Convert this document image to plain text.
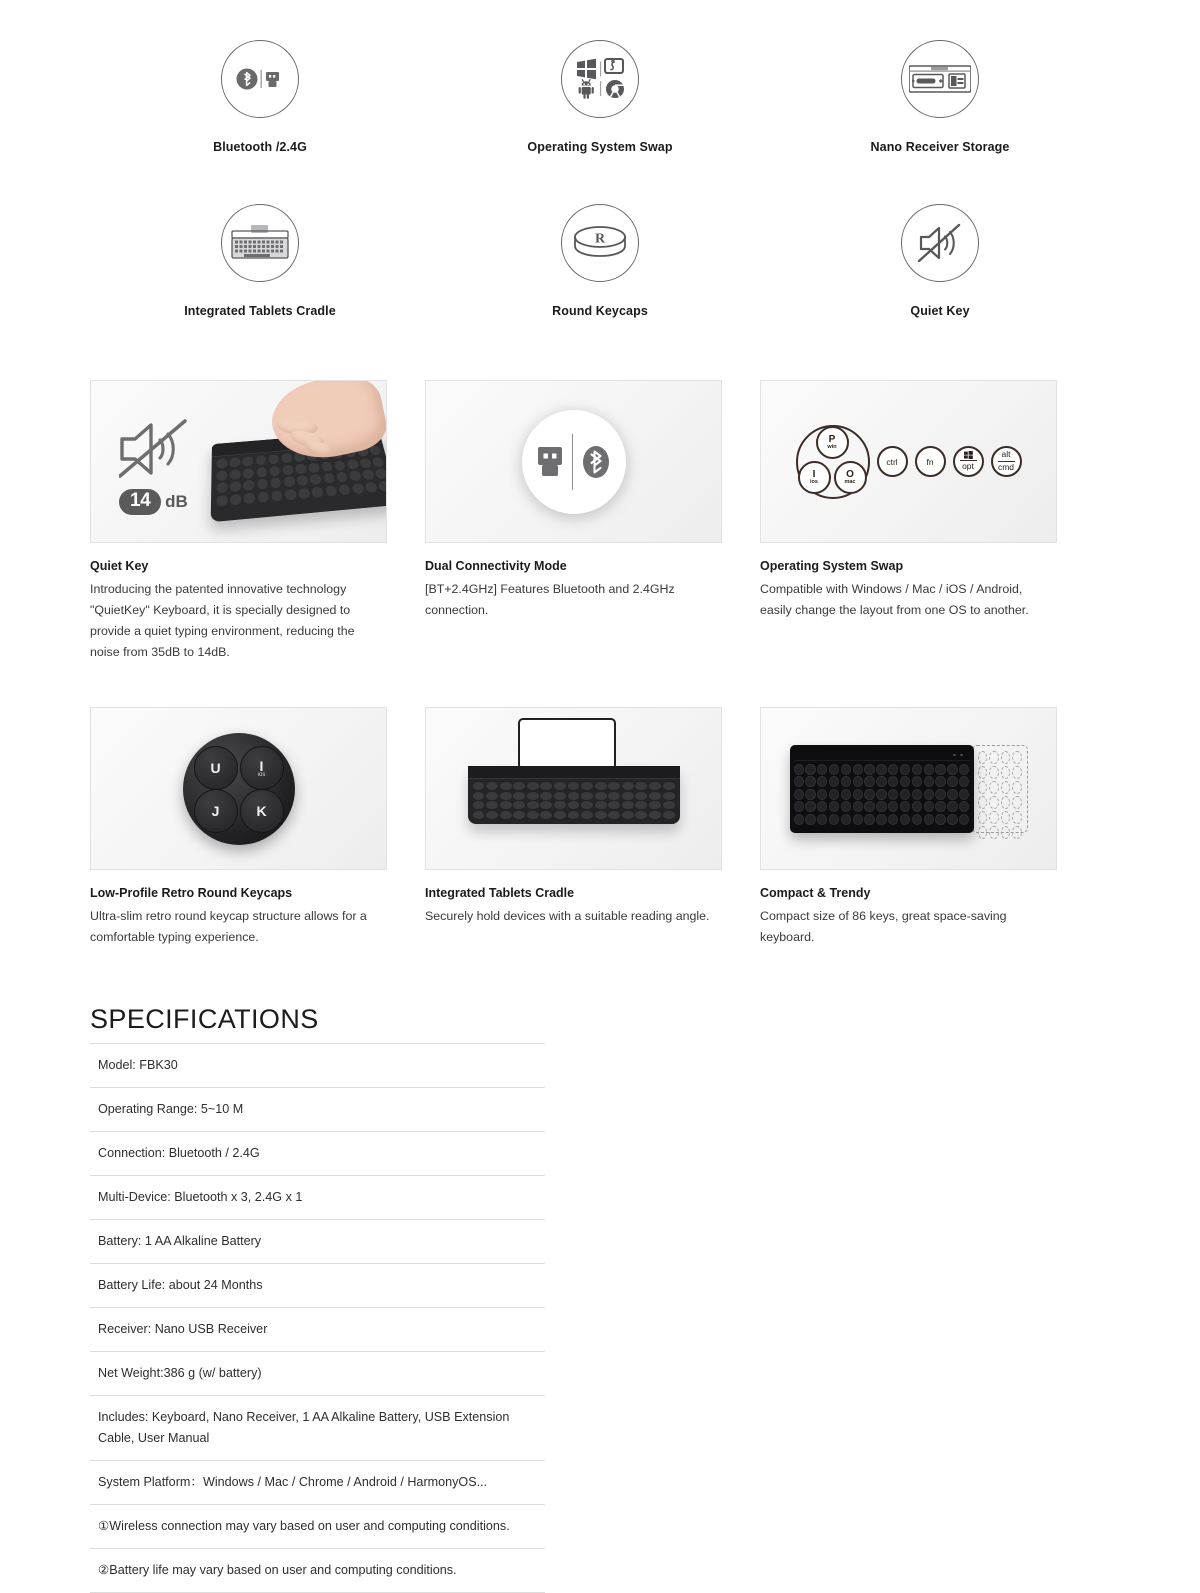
Bluetooth /2.4G	Operating System Swap	Nano Receiver Storage
Integrated Tablets Cradle
R
Round Keycaps	Quiet Key
14 dB
Quiet Key
Introducing the patented innovative technology "QuietKey" Keyboard, it is specially designed to provide a quiet typing environment, reducing the noise from 35dB to 14dB.
Dual Connectivity Mode
[BT+2.4GHz] Features Bluetooth and 2.4GHz connection.
P
win
I
ios
O
mac
ctrl	fn	opt
alt
cmd
Operating System Swap
Compatible with Windows / Mac / iOS / Android, easily change the layout from one OS to another.
U	I
ios
J	K
Low-Profile Retro Round Keycaps
Ultra-slim retro round keycap structure allows for a comfortable typing experience.
Integrated Tablets Cradle
Securely hold devices with a suitable reading angle.
Compact & Trendy
Compact size of 86 keys, great space-saving keyboard.
SPECIFICATIONS
Model: FBK30
Operating Range: 5~10 M
Connection: Bluetooth / 2.4G
Multi-Device: Bluetooth x 3, 2.4G x 1
Battery: 1 AA Alkaline Battery
Battery Life: about 24 Months
Receiver: Nano USB Receiver
Net Weight:386 g (w/ battery)
Includes: Keyboard, Nano Receiver, 1 AA Alkaline Battery, USB Extension Cable, User Manual
System Platform：Windows / Mac / Chrome / Android / HarmonyOS...
①Wireless connection may vary based on user and computing conditions.
②Battery life may vary based on user and computing conditions.
